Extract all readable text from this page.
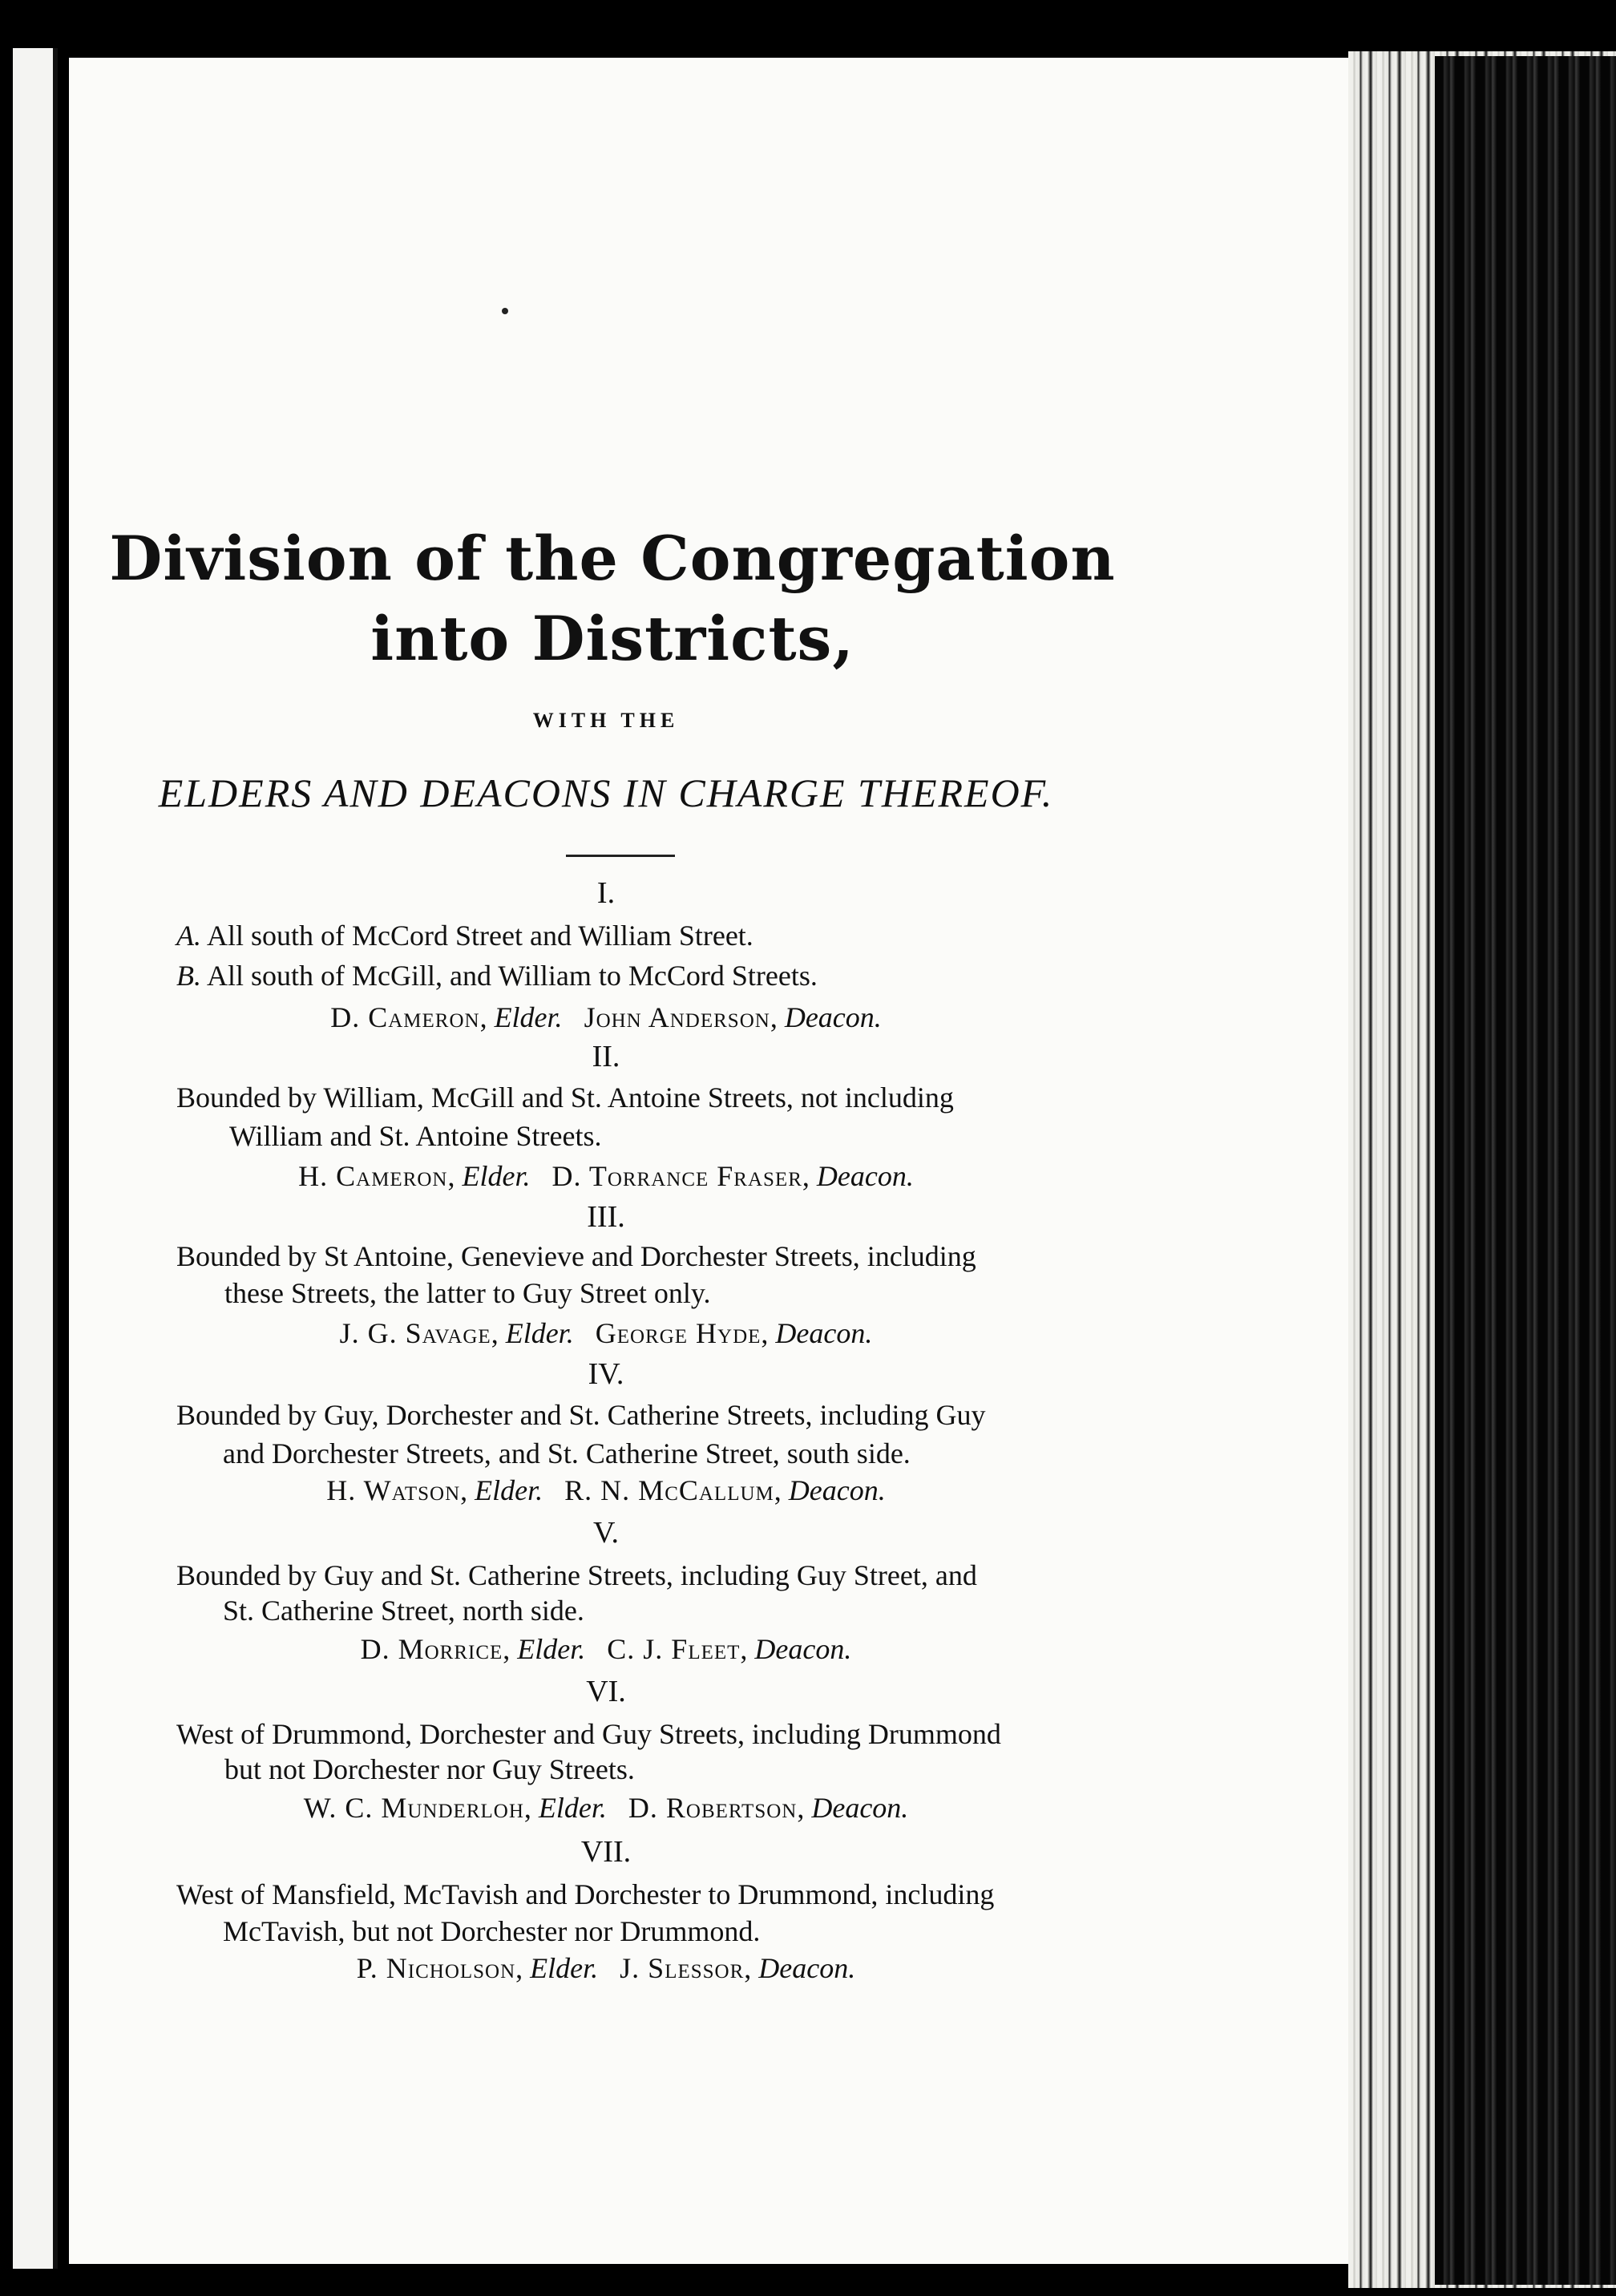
Division of the Congregation
into Districts,
WITH THE
ELDERS AND DEACONS IN CHARGE THEREOF.
I.
A. All south of McCord Street and William Street.
B. All south of McGill, and William to McCord Streets.
D. Cameron, Elder. John Anderson, Deacon.
II.
Bounded by William, McGill and St. Antoine Streets, not including
William and St. Antoine Streets.
H. Cameron, Elder. D. Torrance Fraser, Deacon.
III.
Bounded by St Antoine, Genevieve and Dorchester Streets, including
these Streets, the latter to Guy Street only.
J. G. Savage, Elder. George Hyde, Deacon.
IV.
Bounded by Guy, Dorchester and St. Catherine Streets, including Guy
and Dorchester Streets, and St. Catherine Street, south side.
H. Watson, Elder. R. N. McCallum, Deacon.
V.
Bounded by Guy and St. Catherine Streets, including Guy Street, and
St. Catherine Street, north side.
D. Morrice, Elder. C. J. Fleet, Deacon.
VI.
West of Drummond, Dorchester and Guy Streets, including Drummond
but not Dorchester nor Guy Streets.
W. C. Munderloh, Elder. D. Robertson, Deacon.
VII.
West of Mansfield, McTavish and Dorchester to Drummond, including
McTavish, but not Dorchester nor Drummond.
P. Nicholson, Elder. J. Slessor, Deacon.
